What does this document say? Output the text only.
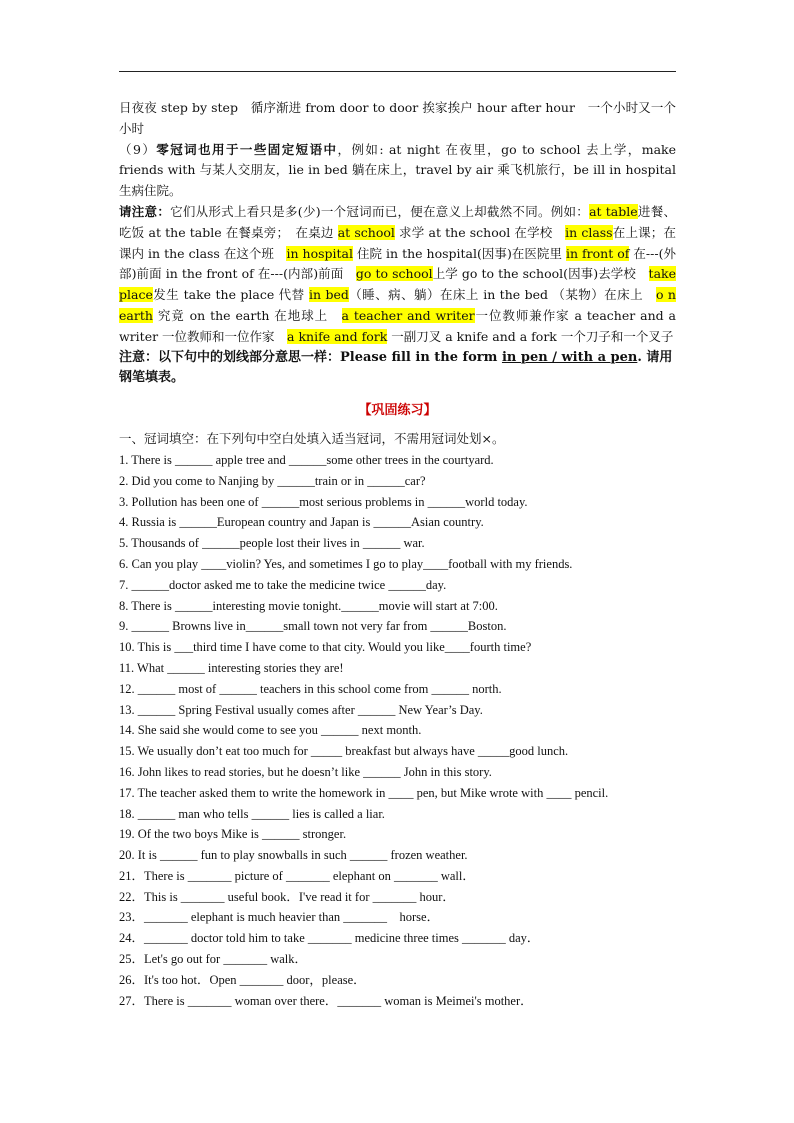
日夜夜 step by step　循序渐进 from door to door 挨家挨户 hour after hour　一个小时又一个小时

（9）零冠词也用于一些固定短语中，例如: at night 在夜里，go to school 去上学，make friends with 与某人交朋友，lie in bed 躺在床上，travel by air 乘飞机旅行，be ill in hospital 生病住院。

请注意：它们从形式上看只是多(少)一个冠词而已，便在意义上却截然不同。例如：at table进餐、吃饭 at the table 在餐桌旁；　在桌边 at school 求学 at the school 在学校　in class在上课；在课内 in the class 在这个班　in hospital 住院 in the hospital(因事)在医院里 in front of 在---(外部)前面 in the front of 在---(内部)前面　go to school上学 go to the school(因事)去学校　take place发生 take the place 代替 in bed（睡、病、躺）在床上 in the bed （某物）在床上　o n earth 究竟 on the earth 在地球上　a teacher and writer一位教师兼作家 a teacher and a writer 一位教师和一位作家　a knife and fork 一副刀叉 a knife and a fork 一个刀子和一个叉子

注意：以下句中的划线部分意思一样：Please fill in the form in pen / with a pen. 请用钢笔填表。

【巩固练习】

一、冠词填空：在下列句中空白处填入适当冠词，不需用冠词处划×。

1. There is ______ apple tree and ______some other trees in the courtyard.

2. Did you come to Nanjing by ______train or in ______car?

3. Pollution has been one of ______most serious problems in ______world today.

4. Russia is ______European country and Japan is ______Asian country.

5. Thousands of ______people lost their lives in ______ war.

6. Can you play ____violin? Yes, and sometimes I go to play____football with my friends.

7. ______doctor asked me to take the medicine twice ______day.

8. There is ______interesting movie tonight.______movie will start at 7:00.

9. ______ Browns live in______small town not very far from ______Boston.

10. This is ___third time I have come to that city. Would you like____fourth time?

11. What ______ interesting stories they are!

12. ______ most of ______ teachers in this school come from ______ north.

13. ______ Spring Festival usually comes after ______ New Year’s Day.

14. She said she would come to see you ______ next month.

15. We usually don’t eat too much for _____ breakfast but always have _____good lunch.

16. John likes to read stories, but he doesn’t like ______ John in this story.

17. The teacher asked them to write the homework in ____ pen, but Mike wrote with ____ pencil.

18. ______ man who tells ______ lies is called a liar.

19. Of the two boys Mike is ______ stronger.

20. It is ______ fun to play snowballs in such ______ frozen weather.

21．There is _______ picture of _______ elephant on _______ wall．

22．This is _______ useful book．I've read it for _______ hour．

23．_______ elephant is much heavier than _______　horse．

24．_______ doctor told him to take _______ medicine three times _______ day．

25．Let's go out for _______ walk．

26．It's too hot．Open _______ door，please．

27．There is _______ woman over there．_______ woman is Meimei's mother．
